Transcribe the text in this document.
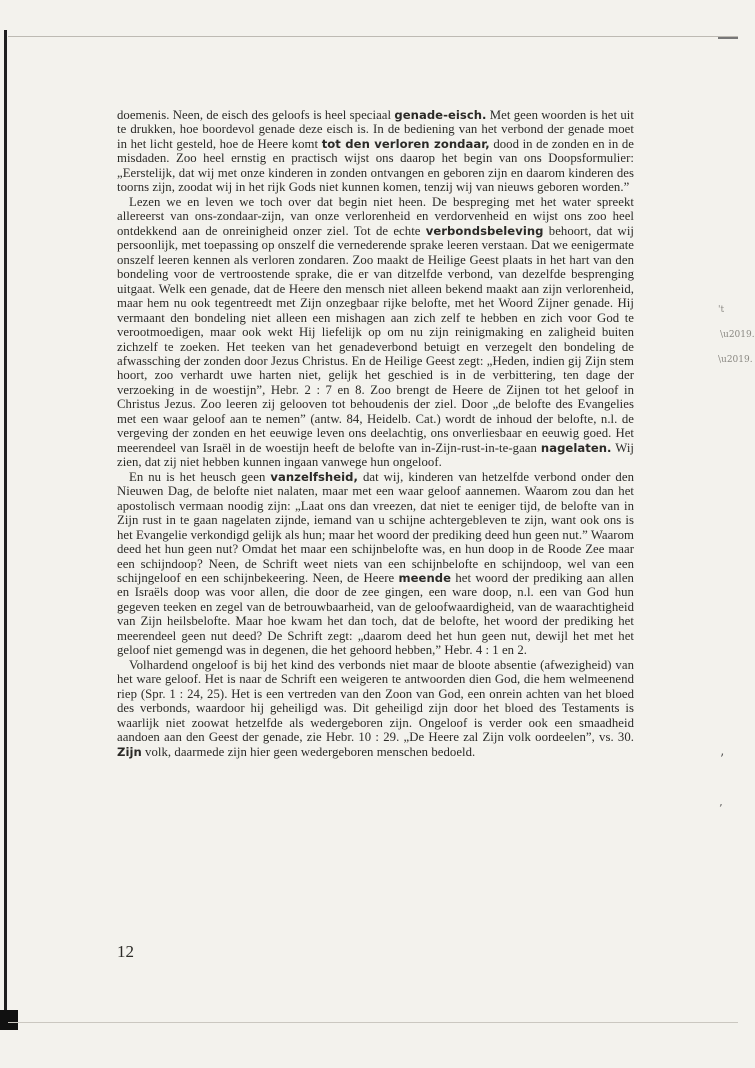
't
\u2019.
\u2019.
’
’

doemenis. Neen, de eisch des geloofs is heel speciaal genade-eisch. Met geen woorden is het uit te drukken, hoe boordevol genade deze eisch is. In de bediening van het verbond der genade moet in het licht gesteld, hoe de Heere komt tot den verloren zondaar, dood in de zonden en in de misdaden. Zoo heel ernstig en practisch wijst ons daarop het begin van ons Doopsformulier: „Eerstelijk, dat wij met onze kinderen in zonden ontvangen en geboren zijn en daarom kinderen des toorns zijn, zoodat wij in het rijk Gods niet kunnen komen, tenzij wij van nieuws geboren worden.”

Lezen we en leven we toch over dat begin niet heen. De bespreging met het water spreekt allereerst van ons-zondaar-zijn, van onze verlorenheid en verdorvenheid en wijst ons zoo heel ontdekkend aan de onreinigheid onzer ziel. Tot de echte verbondsbeleving behoort, dat wij persoonlijk, met toepassing op onszelf die vernederende sprake leeren verstaan. Dat we eenigermate onszelf leeren kennen als verloren zondaren. Zoo maakt de Heilige Geest plaats in het hart van den bondeling voor de vertroostende sprake, die er van ditzelfde verbond, van dezelfde besprenging uitgaat. Welk een genade, dat de Heere den mensch niet alleen bekend maakt aan zijn verlorenheid, maar hem nu ook tegentreedt met Zijn onzegbaar rijke belofte, met het Woord Zijner genade. Hij vermaant den bondeling niet alleen een mishagen aan zich zelf te hebben en zich voor God te verootmoedigen, maar ook wekt Hij liefelijk op om nu zijn reinigmaking en zaligheid buiten zichzelf te zoeken. Het teeken van het genadeverbond betuigt en verzegelt den bondeling de afwassching der zonden door Jezus Christus. En de Heilige Geest zegt: „Heden, indien gij Zijn stem hoort, zoo verhardt uwe harten niet, gelijk het geschied is in de verbittering, ten dage der verzoeking in de woestijn”, Hebr. 2 : 7 en 8. Zoo brengt de Heere de Zijnen tot het geloof in Christus Jezus. Zoo leeren zij gelooven tot behoudenis der ziel. Door „de belofte des Evangelies met een waar geloof aan te nemen” (antw. 84, Heidelb. Cat.) wordt de inhoud der belofte, n.l. de vergeving der zonden en het eeuwige leven ons deelachtig, ons onverliesbaar en eeuwig goed. Het meerendeel van Israël in de woestijn heeft de belofte van in-Zijn-rust-in-te-gaan nagelaten. Wij zien, dat zij niet hebben kunnen ingaan vanwege hun ongeloof.

En nu is het heusch geen vanzelfsheid, dat wij, kinderen van hetzelfde verbond onder den Nieuwen Dag, de belofte niet nalaten, maar met een waar geloof aannemen. Waarom zou dan het apostolisch vermaan noodig zijn: „Laat ons dan vreezen, dat niet te eeniger tijd, de belofte van in Zijn rust in te gaan nagelaten zijnde, iemand van u schijne achtergebleven te zijn, want ook ons is het Evangelie verkondigd gelijk als hun; maar het woord der prediking deed hun geen nut.” Waarom deed het hun geen nut? Omdat het maar een schijnbelofte was, en hun doop in de Roode Zee maar een schijndoop? Neen, de Schrift weet niets van een schijnbelofte en schijndoop, wel van een schijngeloof en een schijnbekeering. Neen, de Heere meende het woord der prediking aan allen en Israëls doop was voor allen, die door de zee gingen, een ware doop, n.l. een van God hun gegeven teeken en zegel van de betrouwbaarheid, van de geloofwaardigheid, van de waarachtigheid van Zijn heilsbelofte. Maar hoe kwam het dan toch, dat de belofte, het woord der prediking het meerendeel geen nut deed? De Schrift zegt: „daarom deed het hun geen nut, dewijl het met het geloof niet gemengd was in degenen, die het gehoord hebben,” Hebr. 4 : 1 en 2.

Volhardend ongeloof is bij het kind des verbonds niet maar de bloote absentie (afwezigheid) van het ware geloof. Het is naar de Schrift een weigeren te antwoorden dien God, die hem welmeenend riep (Spr. 1 : 24, 25). Het is een vertreden van den Zoon van God, een onrein achten van het bloed des verbonds, waardoor hij geheiligd was. Dit geheiligd zijn door het bloed des Testaments is waarlijk niet zoowat hetzelfde als wedergeboren zijn. Ongeloof is verder ook een smaadheid aandoen aan den Geest der genade, zie Hebr. 10 : 29. „De Heere zal Zijn volk oordeelen”, vs. 30. Zijn volk, daarmede zijn hier geen wedergeboren menschen bedoeld.

12
